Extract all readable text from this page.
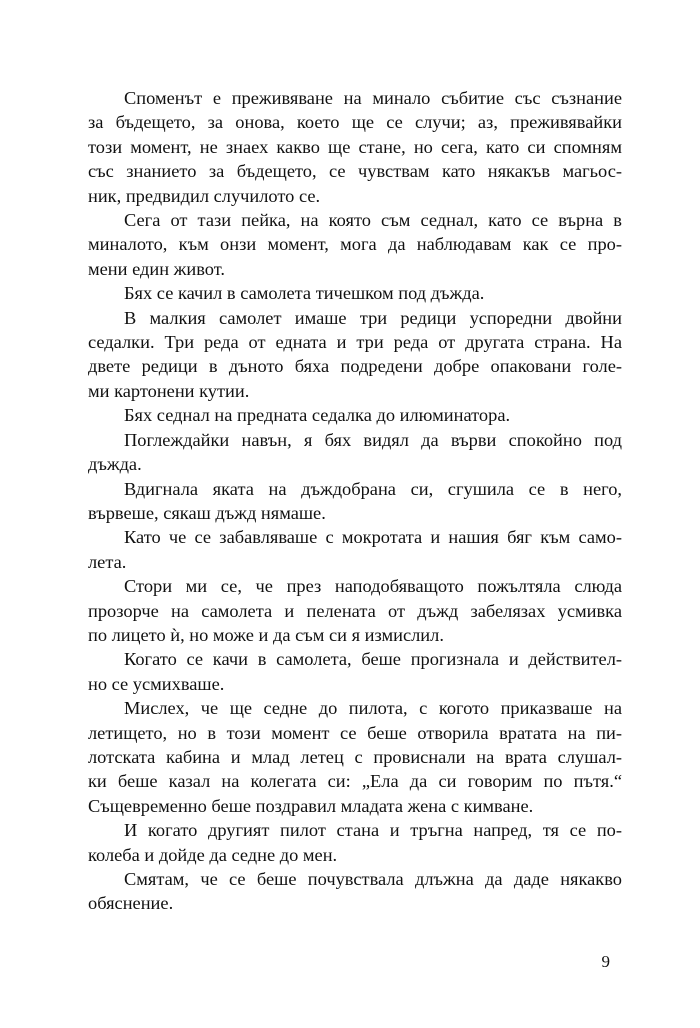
Споменът е преживяване на минало събитие със съзнание
за бъдещето, за онова, което ще се случи; аз, преживявайки
този момент, не знаех какво ще стане, но сега, като си спомням
със знанието за бъдещето, се чувствам като някакъв магьос-
ник, предвидил случилото се.
Сега от тази пейка, на която съм седнал, като се върна в
миналото, към онзи момент, мога да наблюдавам как се про-
мени един живот.
Бях се качил в самолета тичешком под дъжда.
В малкия самолет имаше три редици успоредни двойни
седалки. Три реда от едната и три реда от другата страна. На
двете редици в дъното бяха подредени добре опаковани голе-
ми картонени кутии.
Бях седнал на предната седалка до илюминатора.
Поглеждайки навън, я бях видял да върви спокойно под
дъжда.
Вдигнала яката на дъждобрана си, сгушила се в него,
вървеше, сякаш дъжд нямаше.
Като че се забавляваше с мокротата и нашия бяг към само-
лета.
Стори ми се, че през наподобяващото пожълтяла слюда
прозорче на самолета и пелената от дъжд забелязах усмивка
по лицето ѝ, но може и да съм си я измислил.
Когато се качи в самолета, беше прогизнала и действител-
но се усмихваше.
Мислех, че ще седне до пилота, с когото приказваше на
летището, но в този момент се беше отворила вратата на пи-
лотската кабина и млад летец с провиснали на врата слушал-
ки беше казал на колегата си: „Ела да си говорим по пътя.“
Същевременно беше поздравил младата жена с кимване.
И когато другият пилот стана и тръгна напред, тя се по-
колеба и дойде да седне до мен.
Смятам, че се беше почувствала длъжна да даде някакво
обяснение.
9
